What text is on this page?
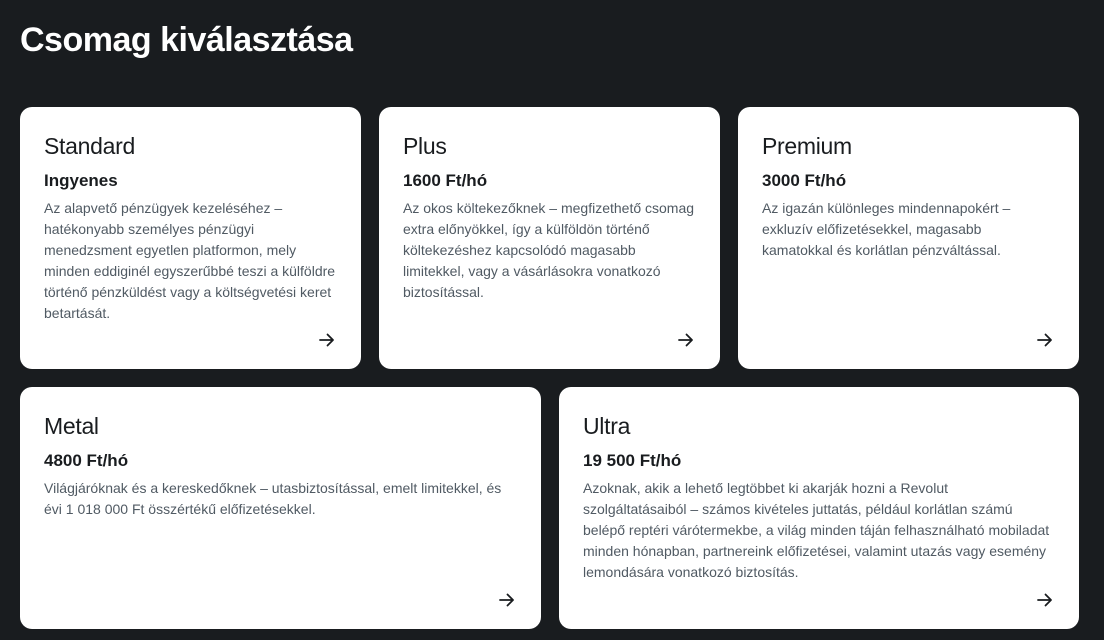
Csomag kiválasztása
Standard
Ingyenes

Az alapvető pénzügyek kezeléséhez – hatékonyabb személyes pénzügyi menedzsment egyetlen platformon, mely minden eddiginél egyszerűbbé teszi a külföldre történő pénzküldést vagy a költségvetési keret betartását.

Plus
1600 Ft/hó

Az okos költekezőknek – megfizethető csomag extra előnyökkel, így a külföldön történő költekezéshez kapcsolódó magasabb limitekkel, vagy a vásárlásokra vonatkozó biztosítással.

Premium
3000 Ft/hó

Az igazán különleges mindennapokért – exkluzív előfizetésekkel, magasabb kamatokkal és korlátlan pénzváltással.

Metal
4800 Ft/hó

Világjáróknak és a kereskedőknek – utasbiztosítással, emelt limitekkel, és évi 1 018 000 Ft összértékű előfizetésekkel.

Ultra
19 500 Ft/hó

Azoknak, akik a lehető legtöbbet ki akarják hozni a Revolut szolgáltatásaiból – számos kivételes juttatás, például korlátlan számú belépő reptéri várótermekbe, a világ minden táján felhasználható mobiladat minden hónapban, partnereink előfizetései, valamint utazás vagy esemény lemondására vonatkozó biztosítás.
